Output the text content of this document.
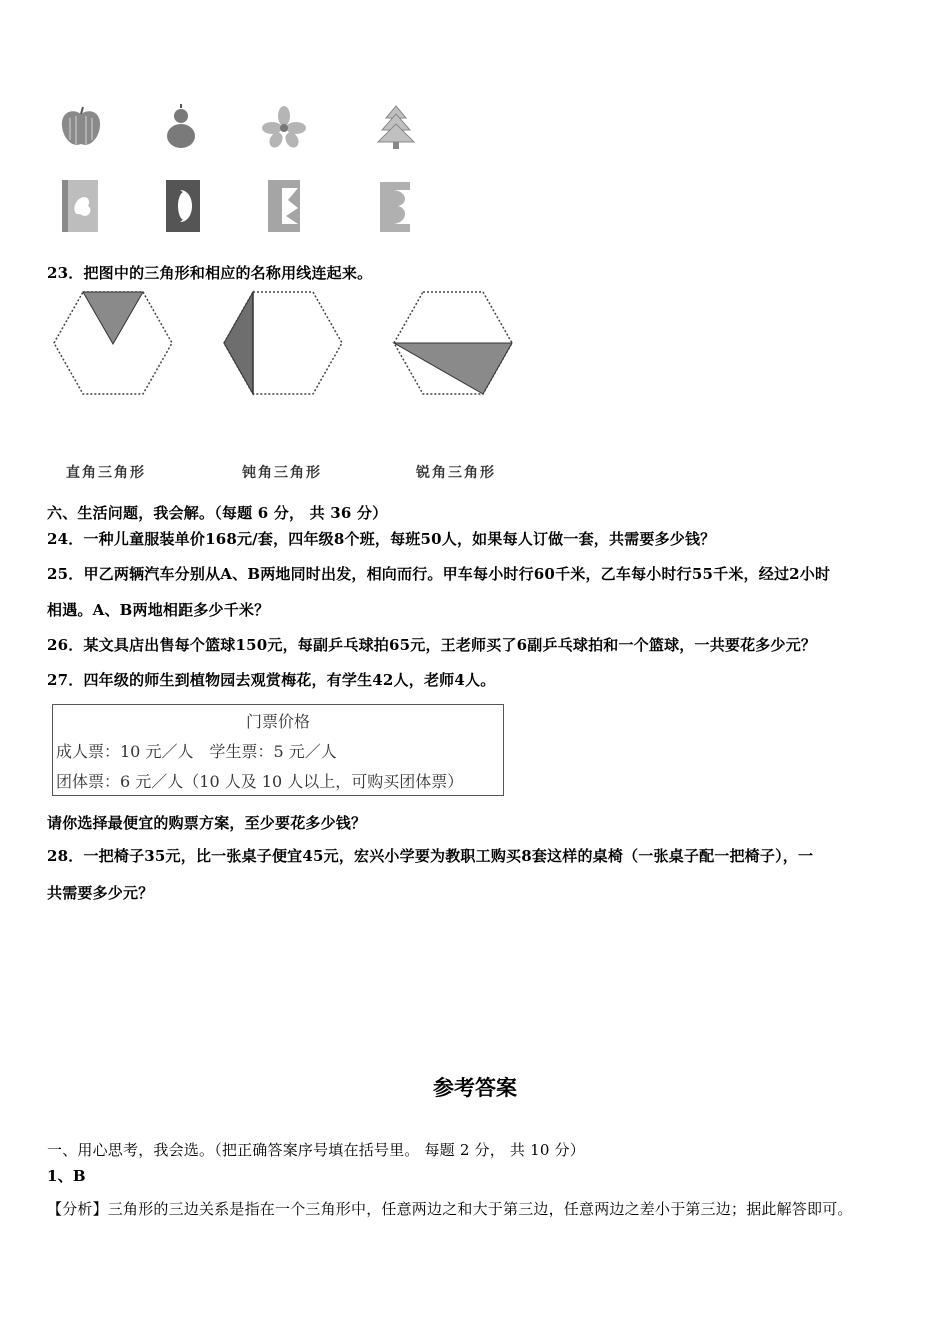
23．把图中的三角形和相应的名称用线连起来。
直角三角形	钝角三角形	锐角三角形
六、生活问题，我会解。（每题 6 分， 共 36 分）
24．一种儿童服装单价168元/套，四年级8个班，每班50人，如果每人订做一套，共需要多少钱？
25．甲乙两辆汽车分别从A、B两地同时出发，相向而行。甲车每小时行60千米，乙车每小时行55千米，经过2小时
相遇。A、B两地相距多少千米？
26．某文具店出售每个篮球150元，每副乒乓球拍65元，王老师买了6副乒乓球拍和一个篮球，一共要花多少元？
27．四年级的师生到植物园去观赏梅花，有学生42人，老师4人。
门票价格
成人票：10 元／人　学生票：5 元／人
团体票：6 元／人（10 人及 10 人以上，可购买团体票）
请你选择最便宜的购票方案，至少要花多少钱？
28．一把椅子35元，比一张桌子便宜45元，宏兴小学要为教职工购买8套这样的桌椅（一张桌子配一把椅子），一
共需要多少元？
参考答案
一、用心思考，我会选。（把正确答案序号填在括号里。 每题 2 分， 共 10 分）
1、B
【分析】三角形的三边关系是指在一个三角形中，任意两边之和大于第三边，任意两边之差小于第三边；据此解答即可。
